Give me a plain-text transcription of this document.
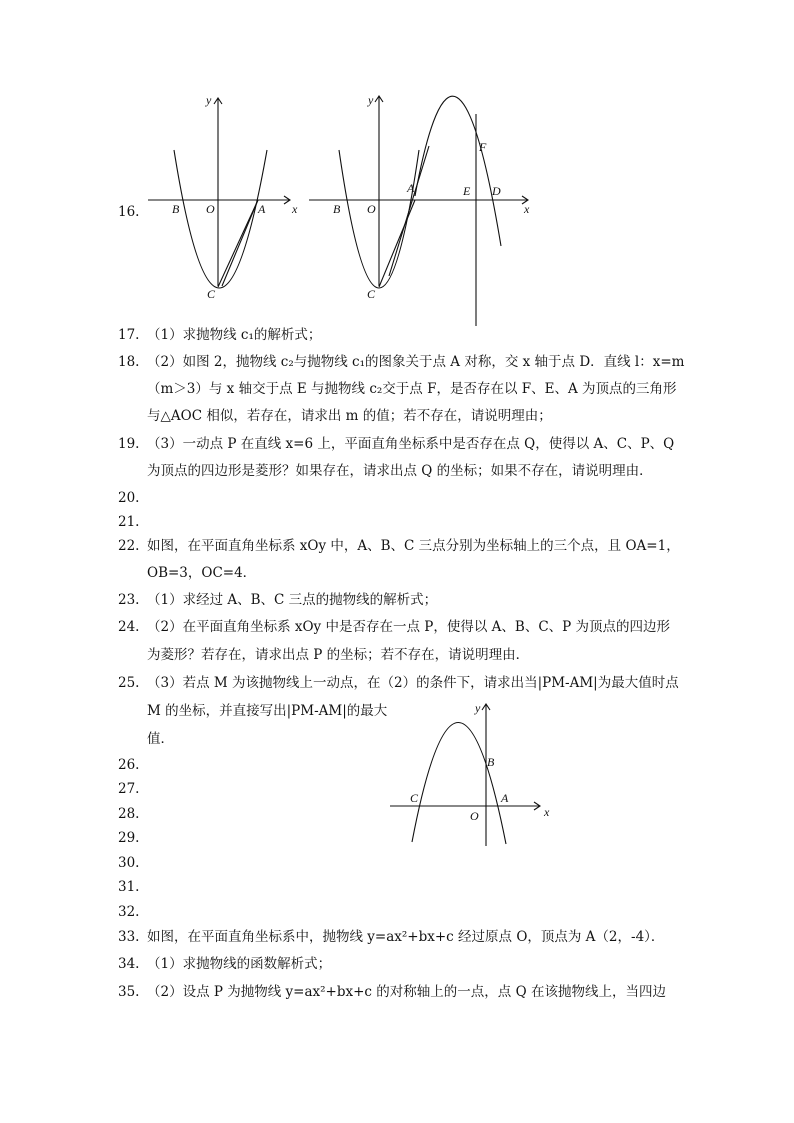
y
x
O
B	A
C
y
x
O
B
A	E D
F
C
y
x
O
B
A
C
16.
17. （1）求抛物线 c₁的解析式；
18. （2）如图 2，抛物线 c₂与抛物线 c₁的图象关于点 A 对称，交 x 轴于点 D．直线 l：x=m
（m＞3）与 x 轴交于点 E 与抛物线 c₂交于点 F，是否存在以 F、E、A 为顶点的三角形
与△AOC 相似，若存在，请求出 m 的值；若不存在，请说明理由；
19. （3）一动点 P 在直线 x=6 上，平面直角坐标系中是否存在点 Q，使得以 A、C、P、Q
为顶点的四边形是菱形？如果存在，请求出点 Q 的坐标；如果不存在，请说明理由．
20.
21.
22. 如图，在平面直角坐标系 xOy 中，A、B、C 三点分别为坐标轴上的三个点，且 OA=1，
OB=3，OC=4．
23. （1）求经过 A、B、C 三点的抛物线的解析式；
24. （2）在平面直角坐标系 xOy 中是否存在一点 P，使得以 A、B、C、P 为顶点的四边形
为菱形？若存在，请求出点 P 的坐标；若不存在，请说明理由．
25. （3）若点 M 为该抛物线上一动点，在（2）的条件下，请求出当|PM-AM|为最大值时点
M 的坐标，并直接写出|PM-AM|的最大
值．
26.
27.
28.
29.
30.
31.
32.
33. 如图，在平面直角坐标系中，抛物线 y=ax²+bx+c 经过原点 O，顶点为 A（2，-4）．
34. （1）求抛物线的函数解析式；
35. （2）设点 P 为抛物线 y=ax²+bx+c 的对称轴上的一点，点 Q 在该抛物线上，当四边
